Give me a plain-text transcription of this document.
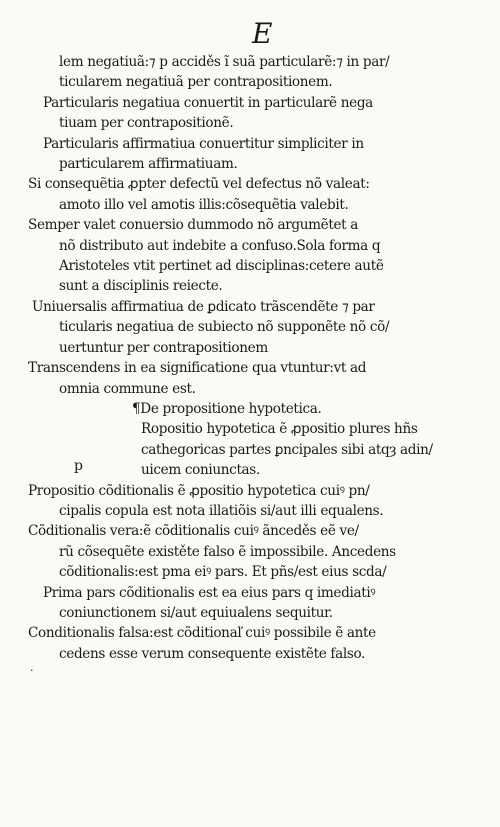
E
p
·
lem negatiuã:⁊ p acciděs ĩ suã particularẽ:⁊ in par/
ticularem negatiuã per contrapositionem.
Particularis negatiua conuertit in particularẽ nega
tiuam per contrapositionẽ.
Particularis affirmatiua conuertitur simpliciter in
particularem affirmatiuam.
Si consequẽtia ꝓpter defectũ vel defectus nõ valeat:
amoto illo vel amotis illis:cõsequẽtia valebit.
Semper valet conuersio dummodo nõ argumẽtet a
nõ distributo aut indebite a confuso.Sola forma q
Aristoteles vtit pertinet ad disciplinas:cetere autẽ
sunt a disciplinis reiecte.
Uniuersalis affirmatiua de ꝑdicato trãscendẽte ⁊ par
ticularis negatiua de subiecto nõ supponẽte nõ cõ/
uertuntur per contrapositionem
Transcendens in ea significatione qua vtuntur:vt ad
omnia commune est.
¶De propositione hypotetica.
Ropositio hypotetica ẽ ꝓpositio plures hñs
cathegoricas partes ꝑncipales sibi atqȝ adin/
uicem coniunctas.
Propositio cõditionalis ẽ ꝓpositio hypotetica cuiꝰ pn/
cipalis copula est nota illatiõis si/aut illi equalens.
Cõditionalis vera:ẽ cõditionalis cuiꝰ ãnceděs eẽ ve/
rũ cõsequẽte existěte falso ẽ impossibile. Ancedens
cõditionalis:est pma eiꝰ pars. Et pñs/est eius scda/
Prima pars cõditionalis est ea eius pars q imediatiꝰ
coniunctionem si/aut equiualens sequitur.
Conditionalis falsa:est cõditionaľ cuiꝰ possibile ẽ ante
cedens esse verum consequente existẽte falso.
